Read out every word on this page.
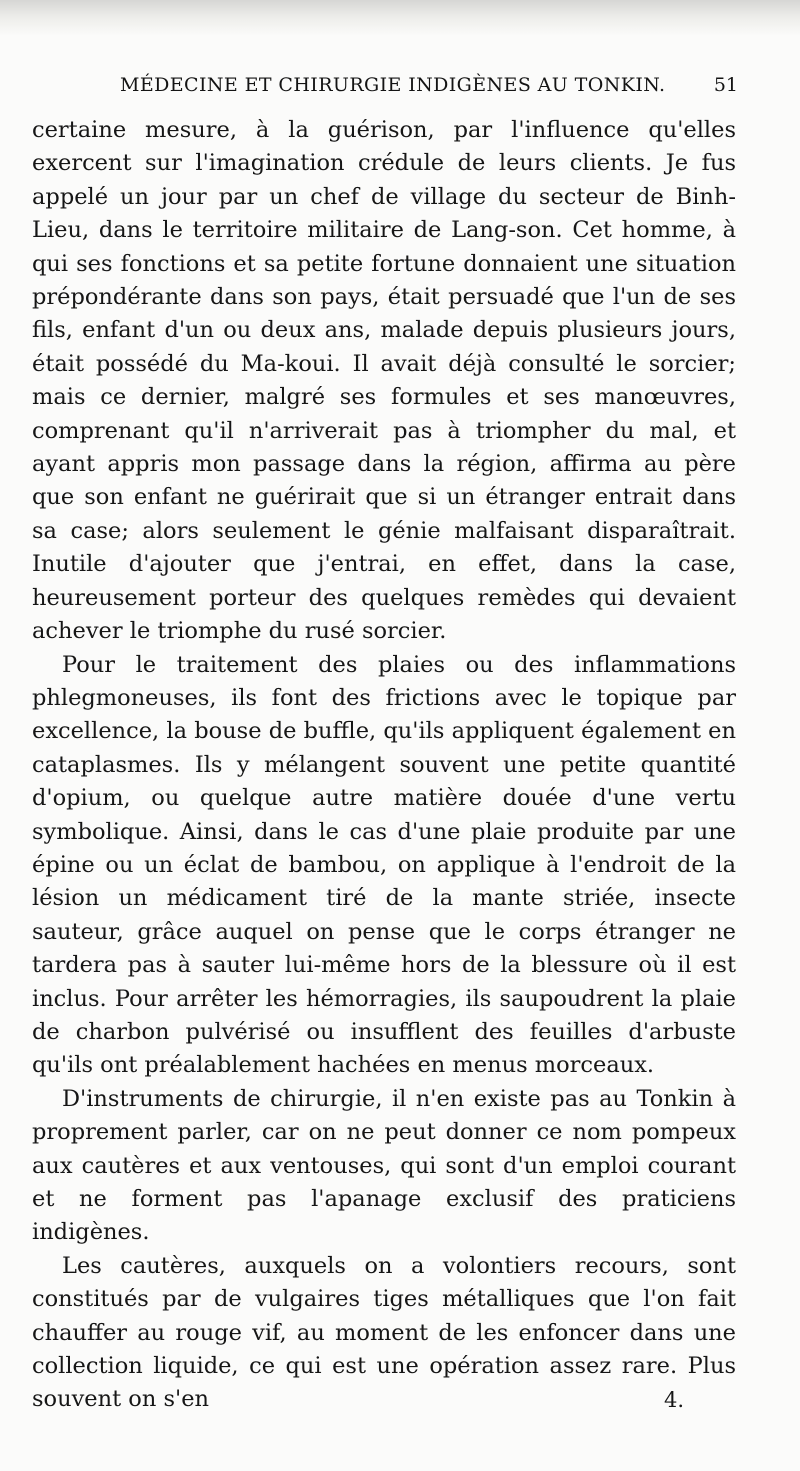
MÉDECINE ET CHIRURGIE INDIGÈNES AU TONKIN.	51

certaine mesure, à la guérison, par l'influence qu'elles exercent sur l'imagination crédule de leurs clients. Je fus appelé un jour par un chef de village du secteur de Binh-Lieu, dans le territoire militaire de Lang-son. Cet homme, à qui ses fonctions et sa petite fortune donnaient une situation prépondérante dans son pays, était persuadé que l'un de ses fils, enfant d'un ou deux ans, malade depuis plusieurs jours, était possédé du Ma-koui. Il avait déjà consulté le sorcier; mais ce dernier, malgré ses formules et ses manœuvres, comprenant qu'il n'arriverait pas à triompher du mal, et ayant appris mon passage dans la région, affirma au père que son enfant ne guérirait que si un étranger entrait dans sa case; alors seulement le génie malfaisant disparaîtrait. Inutile d'ajouter que j'entrai, en effet, dans la case, heureusement porteur des quelques remèdes qui devaient achever le triomphe du rusé sorcier.

Pour le traitement des plaies ou des inflammations phlegmoneuses, ils font des frictions avec le topique par excellence, la bouse de buffle, qu'ils appliquent également en cataplasmes. Ils y mélangent souvent une petite quantité d'opium, ou quelque autre matière douée d'une vertu symbolique. Ainsi, dans le cas d'une plaie produite par une épine ou un éclat de bambou, on applique à l'endroit de la lésion un médicament tiré de la mante striée, insecte sauteur, grâce auquel on pense que le corps étranger ne tardera pas à sauter lui-même hors de la blessure où il est inclus. Pour arrêter les hémorragies, ils saupoudrent la plaie de charbon pulvérisé ou insufflent des feuilles d'arbuste qu'ils ont préalablement hachées en menus morceaux.

D'instruments de chirurgie, il n'en existe pas au Tonkin à proprement parler, car on ne peut donner ce nom pompeux aux cautères et aux ventouses, qui sont d'un emploi courant et ne forment pas l'apanage exclusif des praticiens indigènes.

Les cautères, auxquels on a volontiers recours, sont constitués par de vulgaires tiges métalliques que l'on fait chauffer au rouge vif, au moment de les enfoncer dans une collection liquide, ce qui est une opération assez rare. Plus souvent on s'en	4.
